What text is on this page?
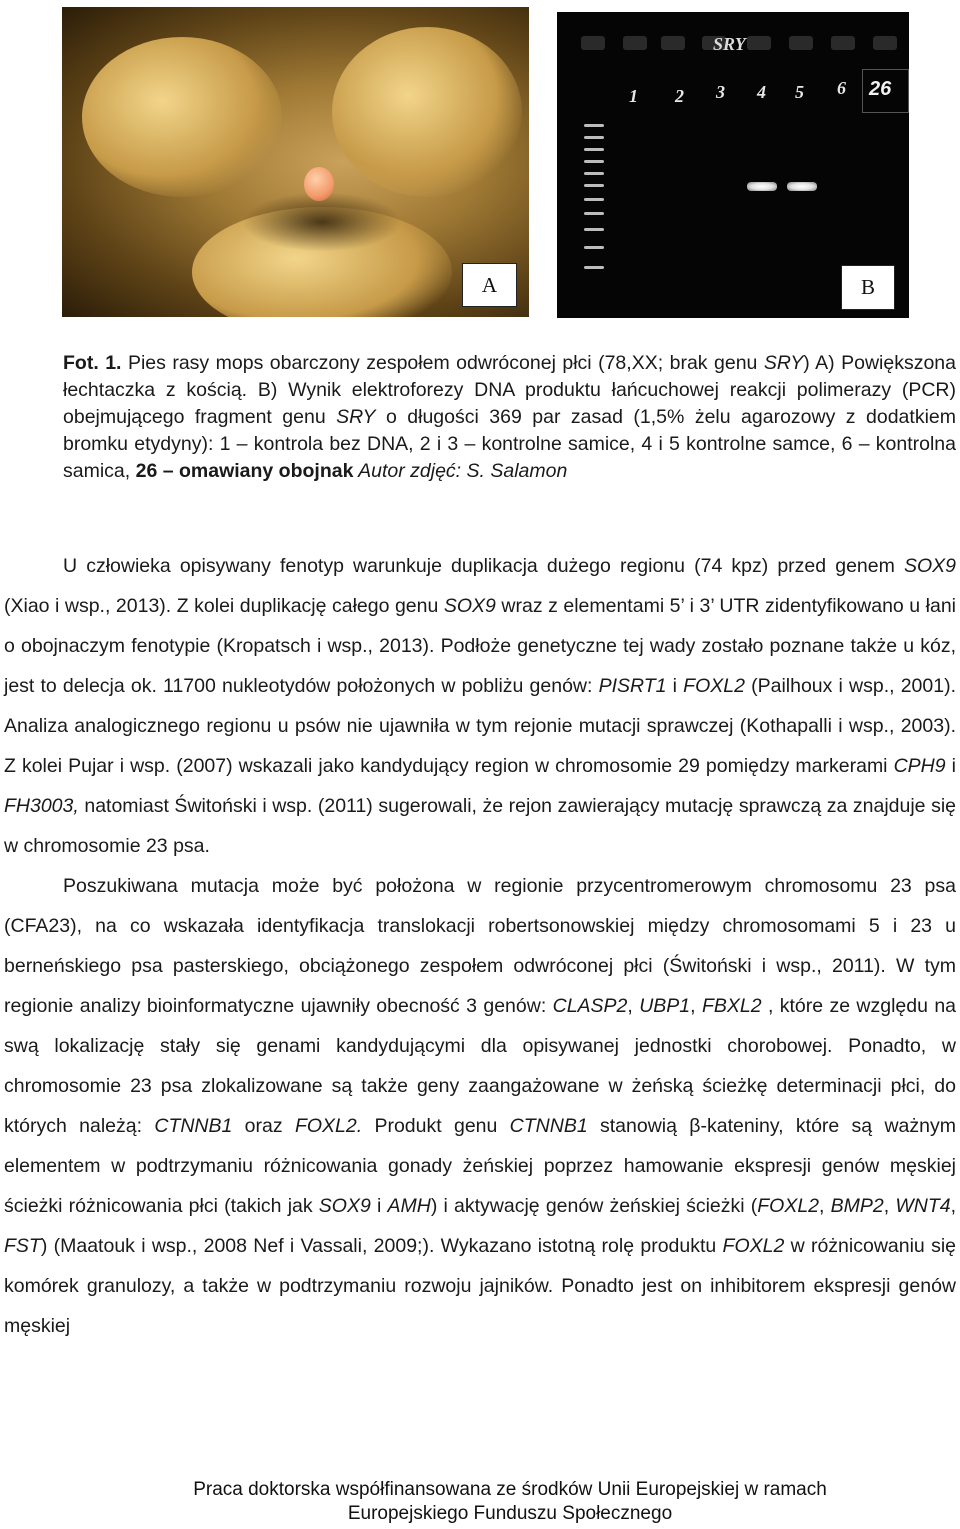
A
SRY
1 2 3 4 5 6 26
B
Fot. 1. Pies rasy mops obarczony zespołem odwróconej płci (78,XX; brak genu SRY) A) Powiększona łechtaczka z kością. B) Wynik elektroforezy DNA produktu łańcuchowej reakcji polimerazy (PCR) obejmującego fragment genu SRY o długości 369 par zasad (1,5% żelu agarozowy z dodatkiem bromku etydyny): 1 – kontrola bez DNA, 2 i 3 – kontrolne samice, 4 i 5 kontrolne samce, 6 – kontrolna samica, 26 – omawiany obojnak Autor zdjęć: S. Salamon

U człowieka opisywany fenotyp warunkuje duplikacja dużego regionu (74 kpz) przed genem SOX9 (Xiao i wsp., 2013). Z kolei duplikację całego genu SOX9 wraz z elementami 5’ i 3’ UTR zidentyfikowano u łani o obojnaczym fenotypie (Kropatsch i wsp., 2013). Podłoże genetyczne tej wady zostało poznane także u kóz, jest to delecja ok. 11700 nukleotydów położonych w pobliżu genów: PISRT1 i FOXL2 (Pailhoux i wsp., 2001). Analiza analogicznego regionu u psów nie ujawniła w tym rejonie mutacji sprawczej (Kothapalli i wsp., 2003). Z kolei Pujar i wsp. (2007) wskazali jako kandydujący region w chromosomie 29 pomiędzy markerami CPH9 i FH3003, natomiast Świtoński i wsp. (2011) sugerowali, że rejon zawierający mutację sprawczą za znajduje się w chromosomie 23 psa.

Poszukiwana mutacja może być położona w regionie przycentromerowym chromosomu 23 psa (CFA23), na co wskazała identyfikacja translokacji robertsonowskiej między chromosomami 5 i 23 u berneńskiego psa pasterskiego, obciążonego zespołem odwróconej płci (Świtoński i wsp., 2011). W tym regionie analizy bioinformatyczne ujawniły obecność 3 genów: CLASP2, UBP1, FBXL2 , które ze względu na swą lokalizację stały się genami kandydującymi dla opisywanej jednostki chorobowej. Ponadto, w chromosomie 23 psa zlokalizowane są także geny zaangażowane w żeńską ścieżkę determinacji płci, do których należą: CTNNB1 oraz FOXL2. Produkt genu CTNNB1 stanowią β-kateniny, które są ważnym elementem w podtrzymaniu różnicowania gonady żeńskiej poprzez hamowanie ekspresji genów męskiej ścieżki różnicowania płci (takich jak SOX9 i AMH) i aktywację genów żeńskiej ścieżki (FOXL2, BMP2, WNT4, FST) (Maatouk i wsp., 2008 Nef i Vassali, 2009;). Wykazano istotną rolę produktu FOXL2 w różnicowaniu się komórek granulozy, a także w podtrzymaniu rozwoju jajników. Ponadto jest on inhibitorem ekspresji genów męskiej

Praca doktorska współfinansowana ze środków Unii Europejskiej w ramach
Europejskiego Funduszu Społecznego
